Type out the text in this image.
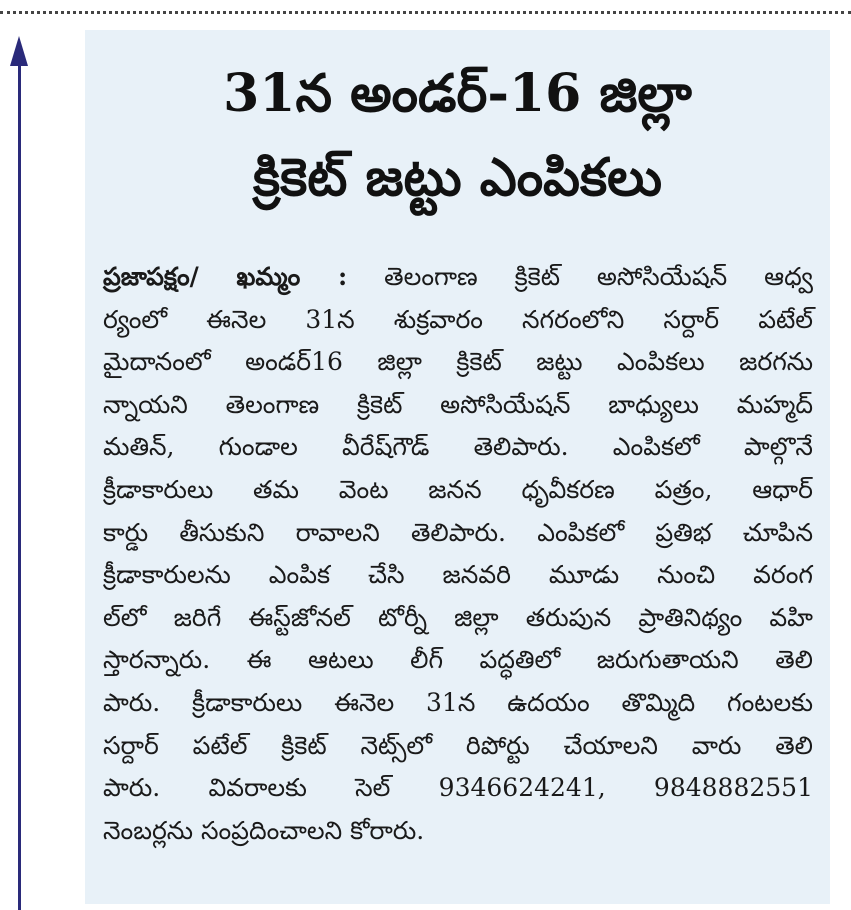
31న అండర్-16 జిల్లా
క్రికెట్ జట్టు ఎంపికలు
ప్రజాపక్షం/ ఖమ్మం : తెలంగాణ క్రికెట్ అసోసియేషన్ ఆధ్వ
ర్యంలో ఈనెల 31న శుక్రవారం నగరంలోని సర్దార్ పటేల్
మైదానంలో అండర్16 జిల్లా క్రికెట్ జట్టు ఎంపికలు జరగను
న్నాయని తెలంగాణ క్రికెట్ అసోసియేషన్ బాధ్యులు మహ్మద్
మతిన్, గుండాల వీరేష్‌గౌడ్ తెలిపారు. ఎంపికలో పాల్గొనే
క్రీడాకారులు తమ వెంట జనన ధృవీకరణ పత్రం, ఆధార్
కార్డు తీసుకుని రావాలని తెలిపారు. ఎంపికలో ప్రతిభ చూపిన
క్రీడాకారులను ఎంపిక చేసి జనవరి మూడు నుంచి వరంగ
ల్‌లో జరిగే ఈస్ట్‌జోనల్ టోర్నీ జిల్లా తరుపున ప్రాతినిథ్యం వహి
స్తారన్నారు. ఈ ఆటలు లీగ్ పద్ధతిలో జరుగుతాయని తెలి
పారు. క్రీడాకారులు ఈనెల 31న ఉదయం తొమ్మిది గంటలకు
సర్దార్ పటేల్ క్రికెట్ నెట్స్‌లో రిపోర్టు చేయాలని వారు తెలి
పారు. వివరాలకు సెల్ 9346624241, 9848882551
నెంబర్లను సంప్రదించాలని కోరారు.
